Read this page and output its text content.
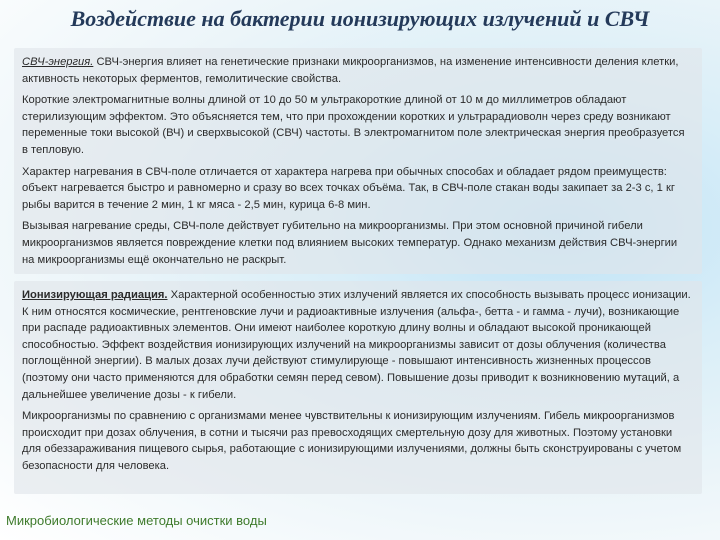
Воздействие на бактерии ионизирующих излучений и СВЧ

СВЧ-энергия. СВЧ-энергия влияет на генетические признаки микроорганизмов, на изменение интенсивности деления клетки, активность некоторых ферментов, гемолитические свойства.

Короткие электромагнитные волны длиной от 10 до 50 м ультракороткие длиной от 10 м до миллиметров обладают стерилизующим эффектом. Это объясняется тем, что при прохождении коротких и ультрарадиоволн через среду возникают переменные токи высокой (ВЧ) и сверхвысокой (СВЧ) частоты. В электромагнитом поле электрическая энергия преобразуется в тепловую.

Характер нагревания в СВЧ-поле отличается от характера нагрева при обычных способах и обладает рядом преимуществ: объект нагревается быстро и равномерно и сразу во всех точках объёма. Так, в СВЧ-поле стакан воды закипает за 2-3 с, 1 кг рыбы варится в течение 2 мин, 1 кг мяса - 2,5 мин, курица 6-8 мин.

Вызывая нагревание среды, СВЧ-поле действует губительно на микроорганизмы. При этом основной причиной гибели микроорганизмов является повреждение клетки под влиянием высоких температур. Однако механизм действия СВЧ-энергии на микроорганизмы ещё окончательно не раскрыт.

Ионизирующая радиация. Характерной особенностью этих излучений является их способность вызывать процесс ионизации. К ним относятся космические, рентгеновские лучи и радиоактивные излучения (альфа-, бетта - и гамма - лучи), возникающие при распаде радиоактивных элементов. Они имеют наиболее короткую длину волны и обладают высокой проникающей способностью. Эффект воздействия ионизирующих излучений на микроорганизмы зависит от дозы облучения (количества поглощённой энергии). В малых дозах лучи действуют стимулирующе - повышают интенсивность жизненных процессов (поэтому они часто применяются для обработки семян перед севом). Повышение дозы приводит к возникновению мутаций, а дальнейшее увеличение дозы - к гибели.

Микроорганизмы по сравнению с организмами менее чувствительны к ионизирующим излучениям. Гибель микроорганизмов происходит при дозах облучения, в сотни и тысячи раз превосходящих смертельную дозу для животных. Поэтому установки для обеззараживания пищевого сырья, работающие с ионизирующими излучениями, должны быть сконструированы с учетом безопасности для человека.

Микробиологические методы очистки воды
